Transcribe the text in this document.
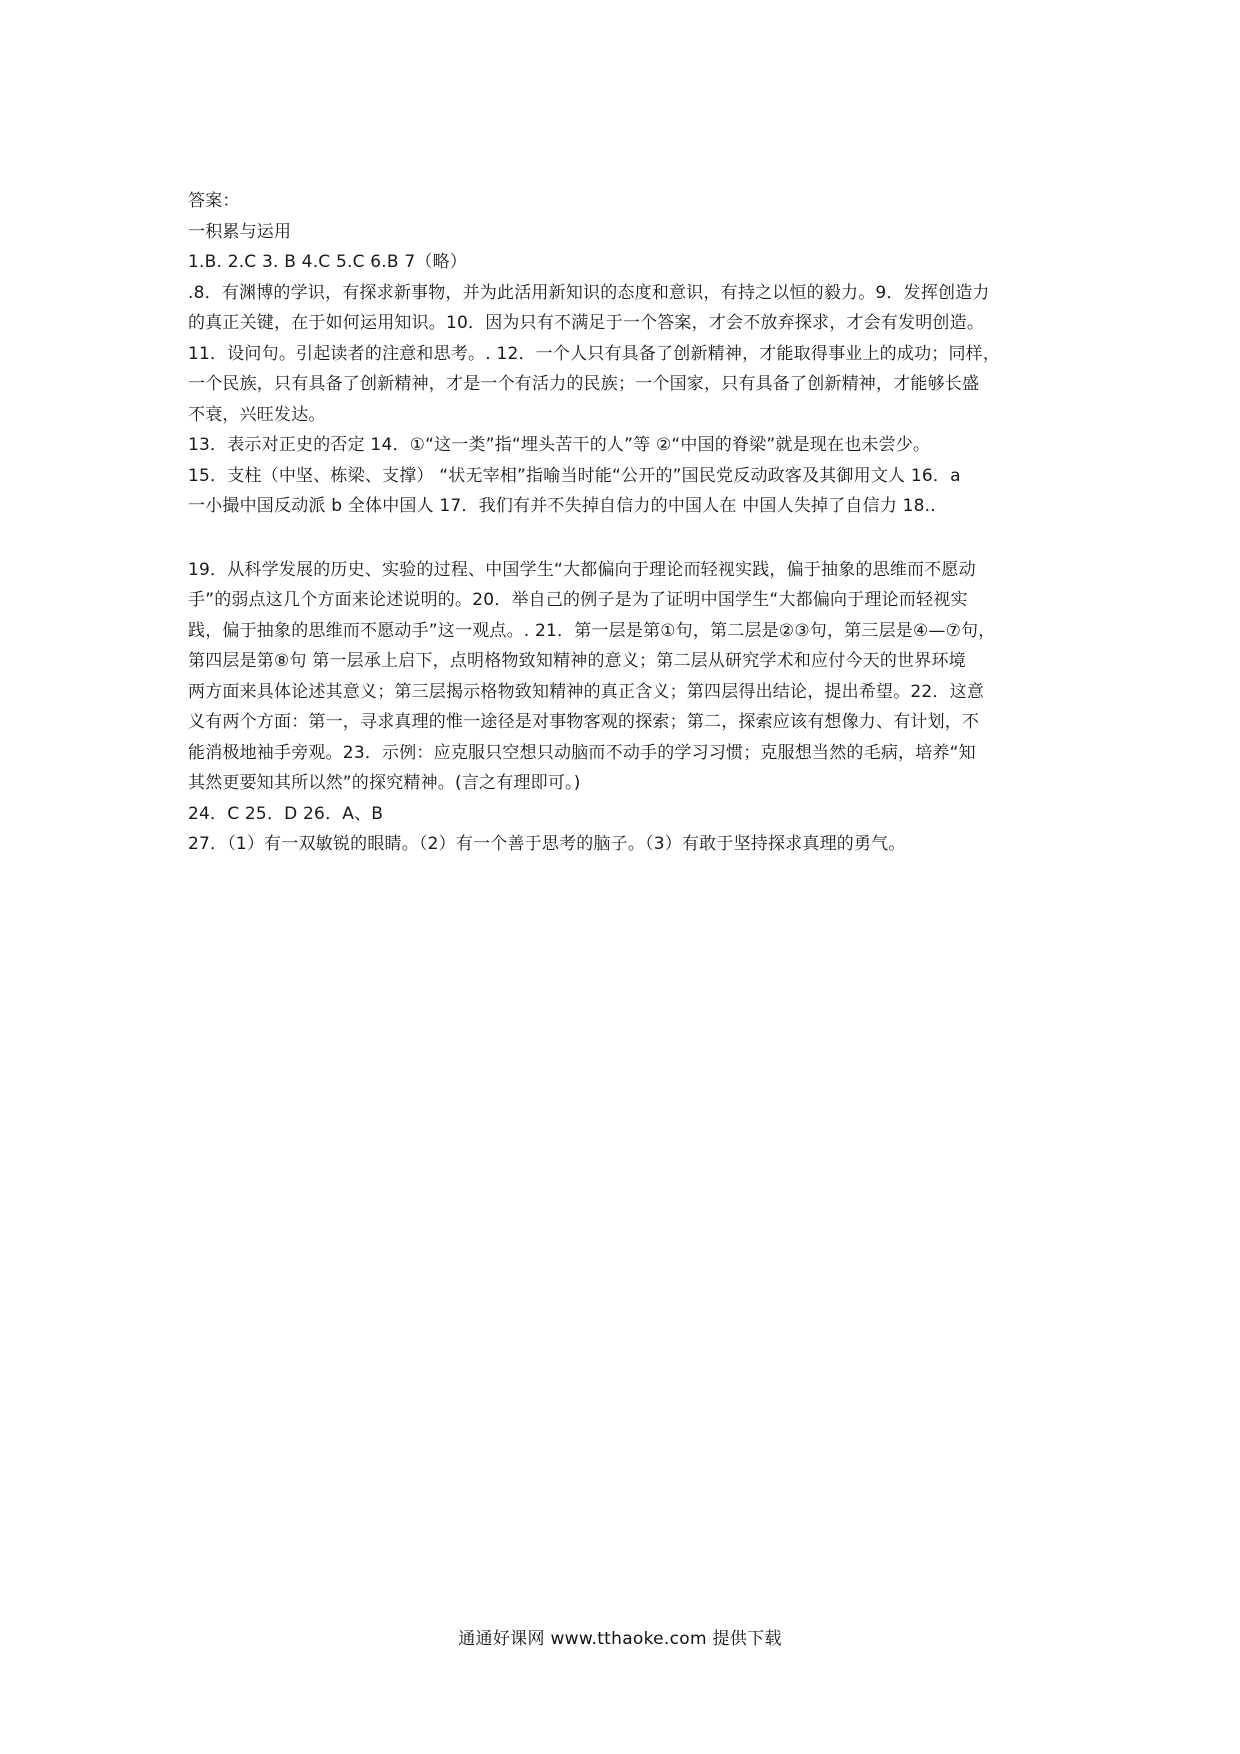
答案：
一积累与运用
1.B. 2.C 3. B 4.C 5.C 6.B 7（略）
.8．有渊博的学识，有探求新事物，并为此活用新知识的态度和意识，有持之以恒的毅力。9．发挥创造力
的真正关键，在于如何运用知识。10．因为只有不满足于一个答案，才会不放弃探求，才会有发明创造。
11．设问句。引起读者的注意和思考。. 12．一个人只有具备了创新精神，才能取得事业上的成功；同样，
一个民族，只有具备了创新精神，才是一个有活力的民族；一个国家，只有具备了创新精神，才能够长盛
不衰，兴旺发达。
13．表示对正史的否定 14．①“这一类”指“埋头苦干的人”等 ②“中国的脊梁”就是现在也未尝少。
15．支柱（中坚、栋梁、支撑） “状无宰相”指喻当时能“公开的”国民党反动政客及其御用文人 16．a
一小撮中国反动派 b 全体中国人 17．我们有并不失掉自信力的中国人在 中国人失掉了自信力 18..
19．从科学发展的历史、实验的过程、中国学生“大都偏向于理论而轻视实践，偏于抽象的思维而不愿动
手”的弱点这几个方面来论述说明的。20．举自己的例子是为了证明中国学生“大都偏向于理论而轻视实
践，偏于抽象的思维而不愿动手”这一观点。. 21．第一层是第①句，第二层是②③句，第三层是④—⑦句，
第四层是第⑧句 第一层承上启下，点明格物致知精神的意义；第二层从研究学术和应付今天的世界环境
两方面来具体论述其意义；第三层揭示格物致知精神的真正含义；第四层得出结论，提出希望。22．这意
义有两个方面：第一，寻求真理的惟一途径是对事物客观的探索；第二，探索应该有想像力、有计划，不
能消极地袖手旁观。23．示例：应克服只空想只动脑而不动手的学习习惯；克服想当然的毛病，培养“知
其然更要知其所以然”的探究精神。(言之有理即可。)
24．C 25．D 26．A、B
27．（1）有一双敏锐的眼睛。（2）有一个善于思考的脑子。（3）有敢于坚持探求真理的勇气。
通通好课网 www.tthaoke.com 提供下载
